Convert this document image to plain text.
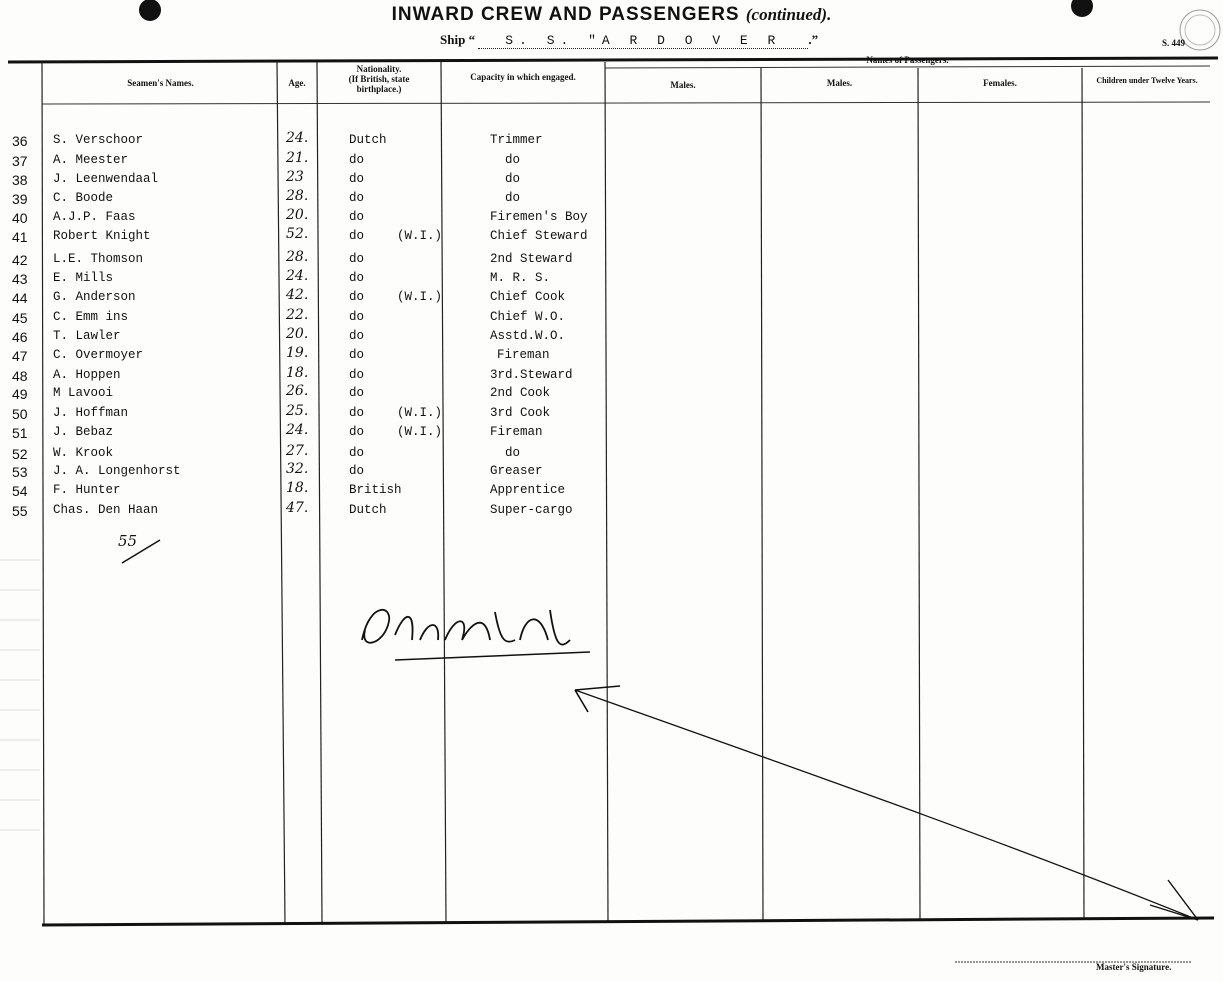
INWARD CREW AND PASSENGERS (continued).
Ship “ S. S. "A R D O V E R .”	S. 449
Seamen's Names.	Age.
Nationality.
(If British, state
birthplace.)
Capacity in which engaged.
Names of Passengers.
Males.	Males.	Females.	Children under Twelve Years.
36 S. Verschoor	24.	Dutch	Trimmer
37 A. Meester	21.	do	do
38 J. Leenwendaal	23	do	do
39 C. Boode	28.	do	do
40 A.J.P. Faas	20.	do	Firemen's Boy
41 Robert Knight	52.	do	(W.I.)	Chief Steward
42 L.E. Thomson	28.	do	2nd Steward
43 E. Mills	24.	do	M. R. S.
44 G. Anderson	42.	do	(W.I.)	Chief Cook
45 C. Emm ins	22.	do	Chief W.O.
46 T. Lawler	20.	do	Asstd.W.O.
47 C. Overmoyer	19.	do	Fireman
48 A. Hoppen	18.	do	3rd.Steward
49 M Lavooi	26.	do	2nd Cook
50 J. Hoffman	25.	do	(W.I.)	3rd Cook
51 J. Bebaz	24.	do	(W.I.)	Fireman
52 W. Krook	27.	do	do
53 J. A. Longenhorst	32.	do	Greaser
54 F. Hunter	18.	British	Apprentice
55 Chas. Den Haan	47.	Dutch	Super-cargo
55
Master's Signature.
